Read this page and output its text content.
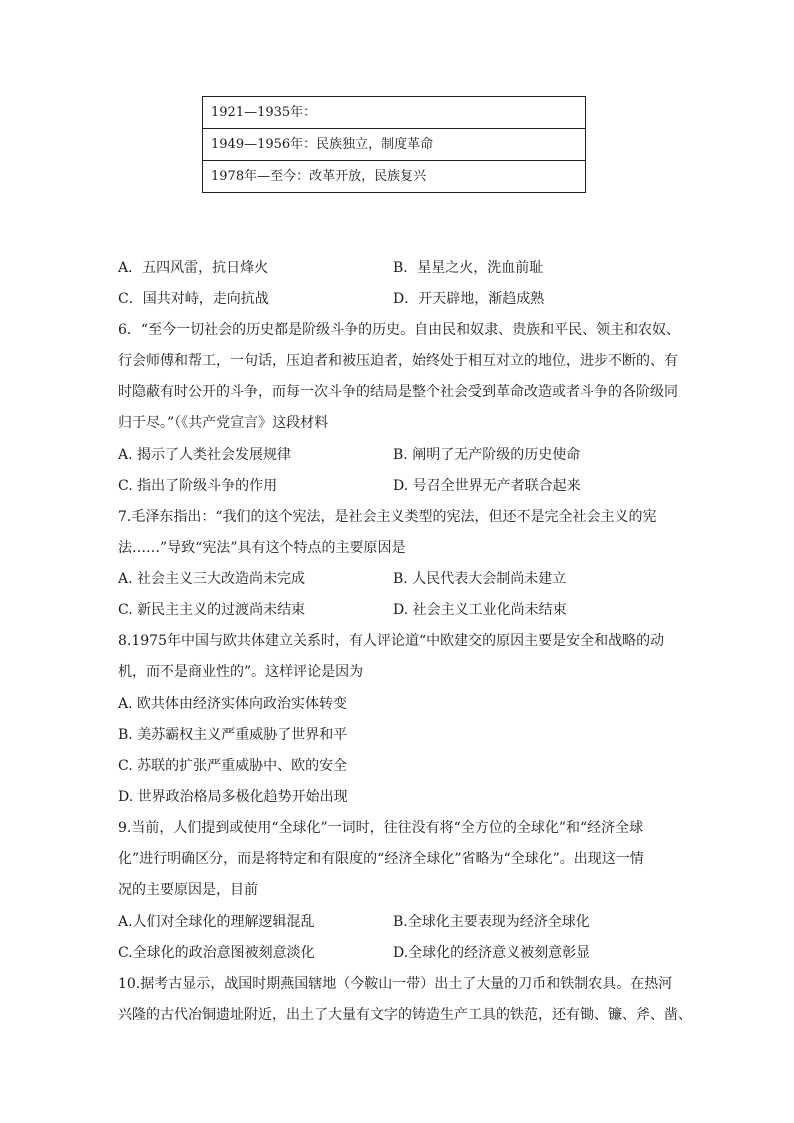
1921—1935年：
1949—1956年：民族独立，制度革命
1978年—至今：改革开放，民族复兴
A．五四风雷，抗日烽火	B．星星之火，洗血前耻
C．国共对峙，走向抗战	D．开天辟地，渐趋成熟
6．“至今一切社会的历史都是阶级斗争的历史。自由民和奴隶、贵族和平民、领主和农奴、
行会师傅和帮工，一句话，压迫者和被压迫者，始终处于相互对立的地位，进步不断的、有
时隐蔽有时公开的斗争，而每一次斗争的结局是整个社会受到革命改造或者斗争的各阶级同
归于尽。”（《共产党宣言》这段材料
A. 揭示了人类社会发展规律	B. 阐明了无产阶级的历史使命
C. 指出了阶级斗争的作用	D. 号召全世界无产者联合起来
7.毛泽东指出：“我们的这个宪法，是社会主义类型的宪法，但还不是完全社会主义的宪
法……”导致“宪法”具有这个特点的主要原因是
A. 社会主义三大改造尚未完成	B. 人民代表大会制尚未建立
C. 新民主主义的过渡尚未结束	D. 社会主义工业化尚未结束
8.1975年中国与欧共体建立关系时，有人评论道“中欧建交的原因主要是安全和战略的动
机，而不是商业性的”。这样评论是因为
A. 欧共体由经济实体向政治实体转变
B. 美苏霸权主义严重威胁了世界和平
C. 苏联的扩张严重威胁中、欧的安全
D. 世界政治格局多极化趋势开始出现
9.当前，人们提到或使用“全球化”一词时，往往没有将“全方位的全球化”和“经济全球
化”进行明确区分，而是将特定和有限度的“经济全球化”省略为“全球化”。出现这一情
况的主要原因是，目前
A.人们对全球化的理解逻辑混乱	B.全球化主要表现为经济全球化
C.全球化的政治意图被刻意淡化	D.全球化的经济意义被刻意彰显
10.据考古显示，战国时期燕国辖地（今鞍山一带）出土了大量的刀币和铁制农具。在热河
兴隆的古代冶铜遗址附近，出土了大量有文字的铸造生产工具的铁范，还有锄、镰、斧、凿、
